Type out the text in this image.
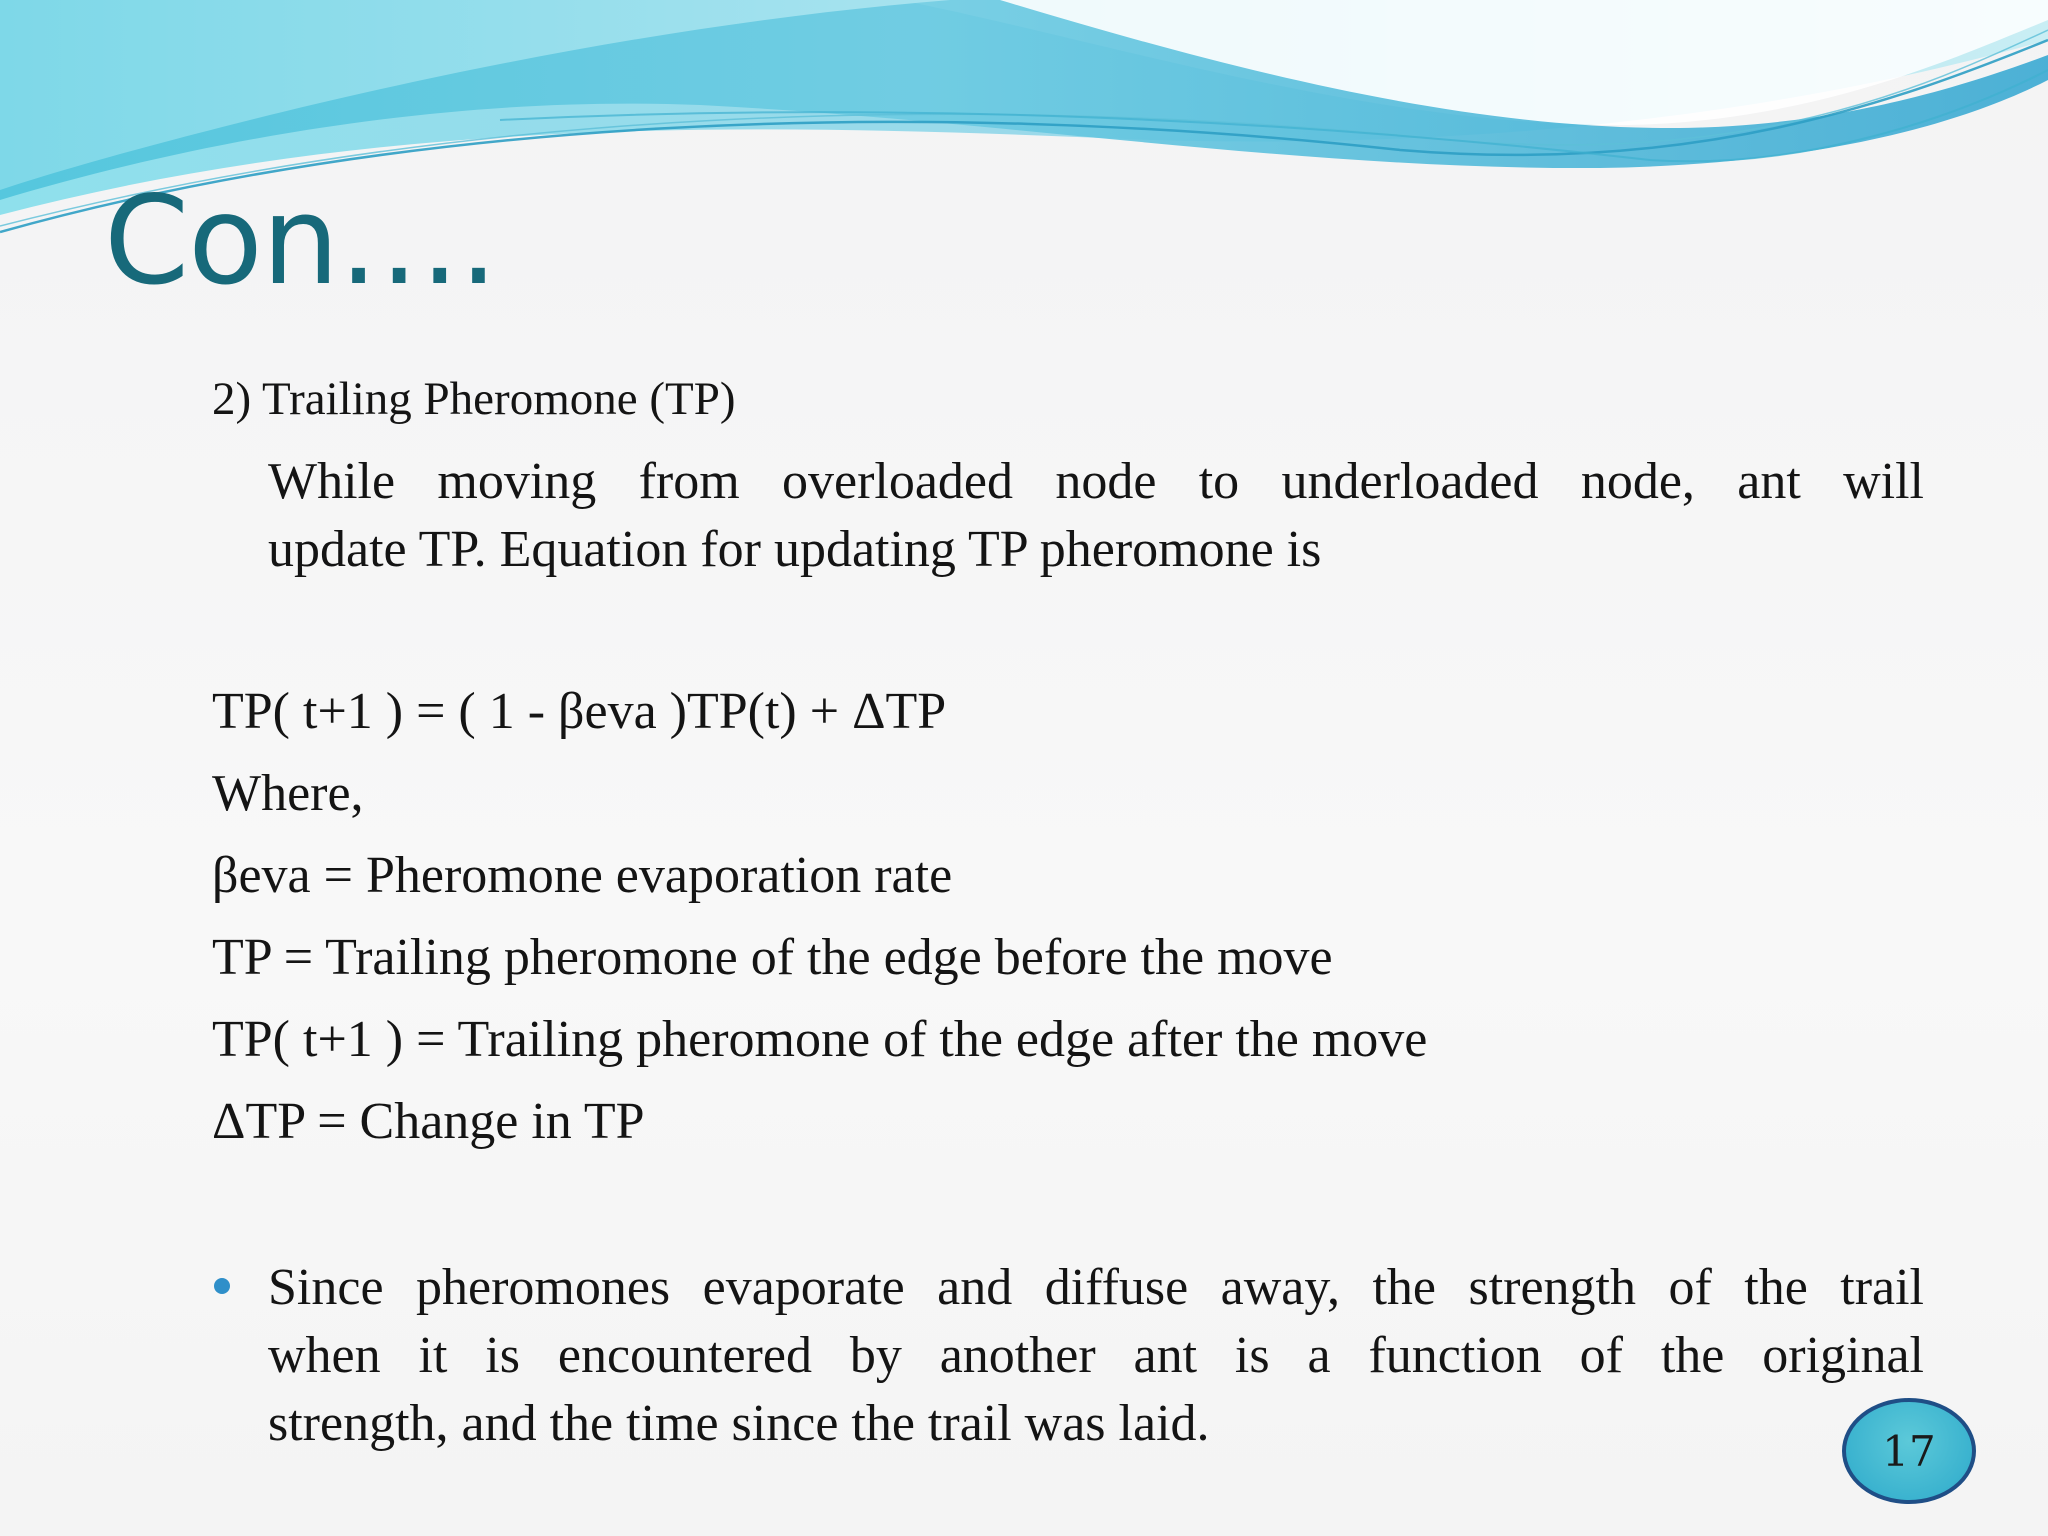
Con….
2) Trailing Pheromone (TP)
While moving from overloaded node to underloaded node, ant will
update TP. Equation for updating TP pheromone is
TP( t+1 ) = ( 1 - βeva )TP(t) + ΔTP
Where,
βeva = Pheromone evaporation rate
TP = Trailing pheromone of the edge before the move
TP( t+1 ) = Trailing pheromone of the edge after the move
ΔTP = Change in TP
Since pheromones evaporate and diffuse away, the strength of the trail
when it is encountered by another ant is a function of the original
strength, and the time since the trail was laid.	17
